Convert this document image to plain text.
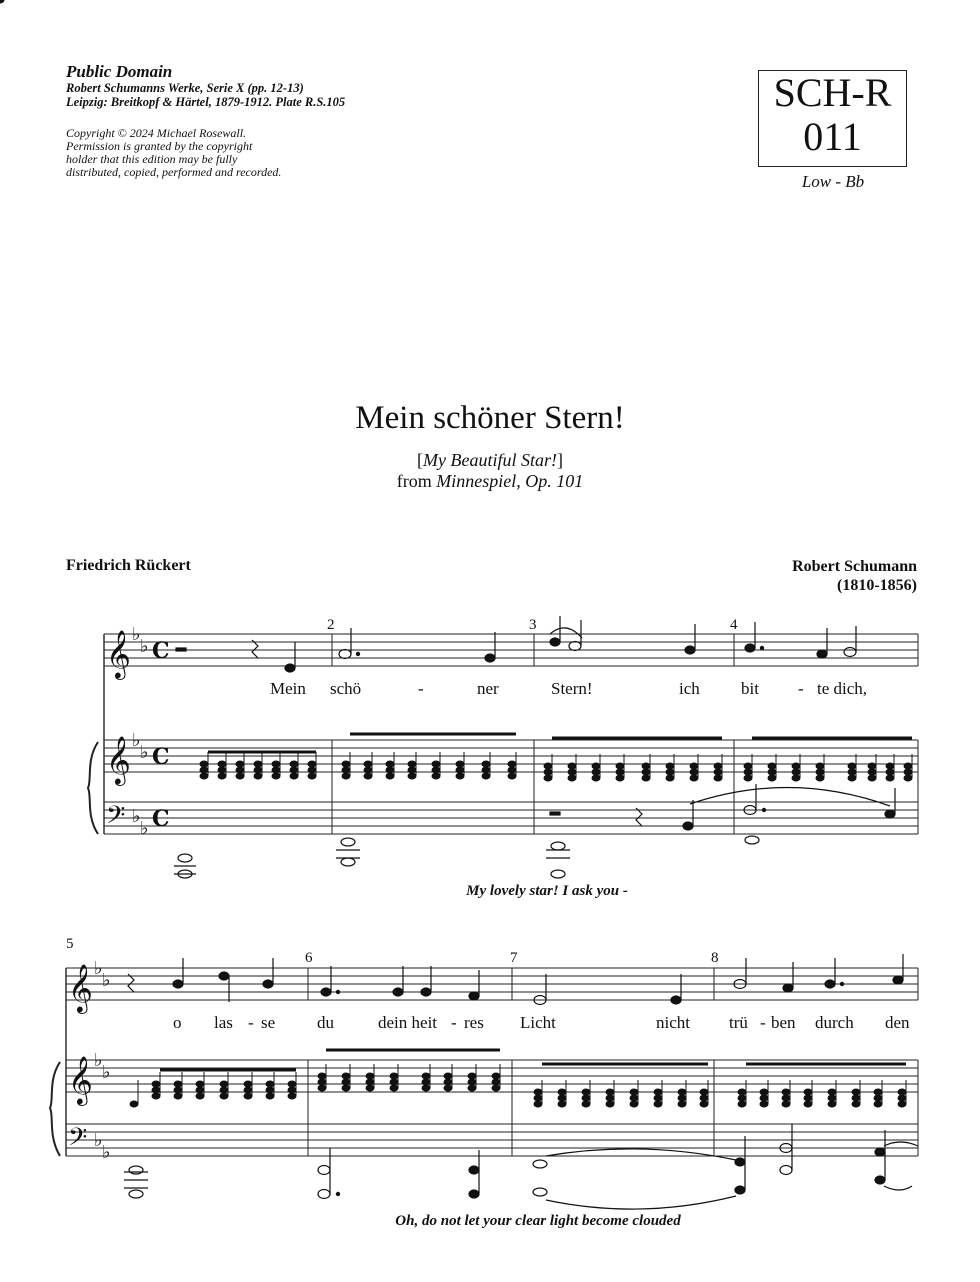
Public Domain
Robert Schumanns Werke, Serie X (pp. 12-13)
Leipzig: Breitkopf & Härtel, 1879-1912. Plate R.S.105
Copyright © 2024 Michael Rosewall.
Permission is granted by the copyright
holder that this edition may be fully
distributed, copied, performed and recorded.
SCH-R
011
Low - Bb
Mein schöner Stern!
[My Beautiful Star!]
from Minnespiel, Op. 101
Friedrich Rückert	Robert Schumann
(1810-1856)
𝄞
𝄞
𝄢
𝄞
𝄞
𝄢
♭
♭
♭
♭
♭
♭
♭
♭
♭
♭
♭
♭
C
C
C
2	3	4
5
6	7	8
Mein schö	-	ner	Stern!	ich bit - te dich,
My lovely star! I ask you -
o las - se du	dein heit - res Licht	nicht trü - ben durch den
Oh, do not let your clear light become clouded
